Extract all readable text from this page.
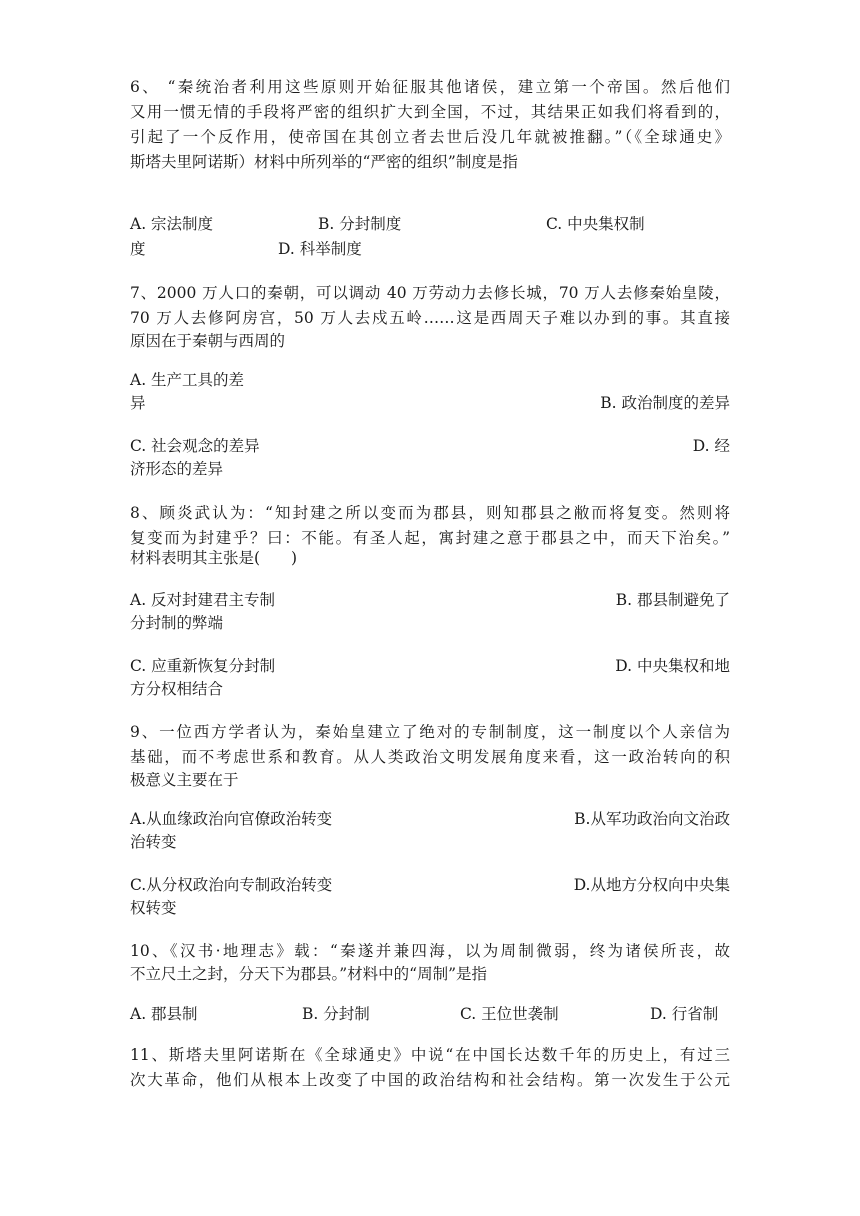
6、 “秦统治者利用这些原则开始征服其他诸侯，建立第一个帝国。然后他们
又用一惯无情的手段将严密的组织扩大到全国，不过，其结果正如我们将看到的，
引起了一个反作用，使帝国在其创立者去世后没几年就被推翻。”（《全球通史》
斯塔夫里阿诺斯）材料中所列举的“严密的组织”制度是指
A. 宗法制度	B. 分封制度	C. 中央集权制
度	D. 科举制度
7、2000 万人口的秦朝，可以调动 40 万劳动力去修长城，70 万人去修秦始皇陵，
70 万人去修阿房宫，50 万人去戍五岭……这是西周天子难以办到的事。其直接
原因在于秦朝与西周的
A. 生产工具的差
异	B. 政治制度的差异
C. 社会观念的差异	D. 经
济形态的差异
8、顾炎武认为：“知封建之所以变而为郡县，则知郡县之敝而将复变。然则将
复变而为封建乎？曰：不能。有圣人起，寓封建之意于郡县之中，而天下治矣。”
材料表明其主张是(　　)
A. 反对封建君主专制	B. 郡县制避免了
分封制的弊端
C. 应重新恢复分封制	D. 中央集权和地
方分权相结合
9、一位西方学者认为，秦始皇建立了绝对的专制制度，这一制度以个人亲信为
基础，而不考虑世系和教育。从人类政治文明发展角度来看，这一政治转向的积
极意义主要在于
A.从血缘政治向官僚政治转变	B.从军功政治向文治政
治转变
C.从分权政治向专制政治转变	D.从地方分权向中央集
权转变
10、《汉书·地理志》载：“秦遂并兼四海，以为周制微弱，终为诸侯所丧，故
不立尺土之封，分天下为郡县。”材料中的“周制”是指
A. 郡县制	B. 分封制	C. 王位世袭制	D. 行省制
11、斯塔夫里阿诺斯在《全球通史》中说“在中国长达数千年的历史上，有过三
次大革命，他们从根本上改变了中国的政治结构和社会结构。第一次发生于公元
